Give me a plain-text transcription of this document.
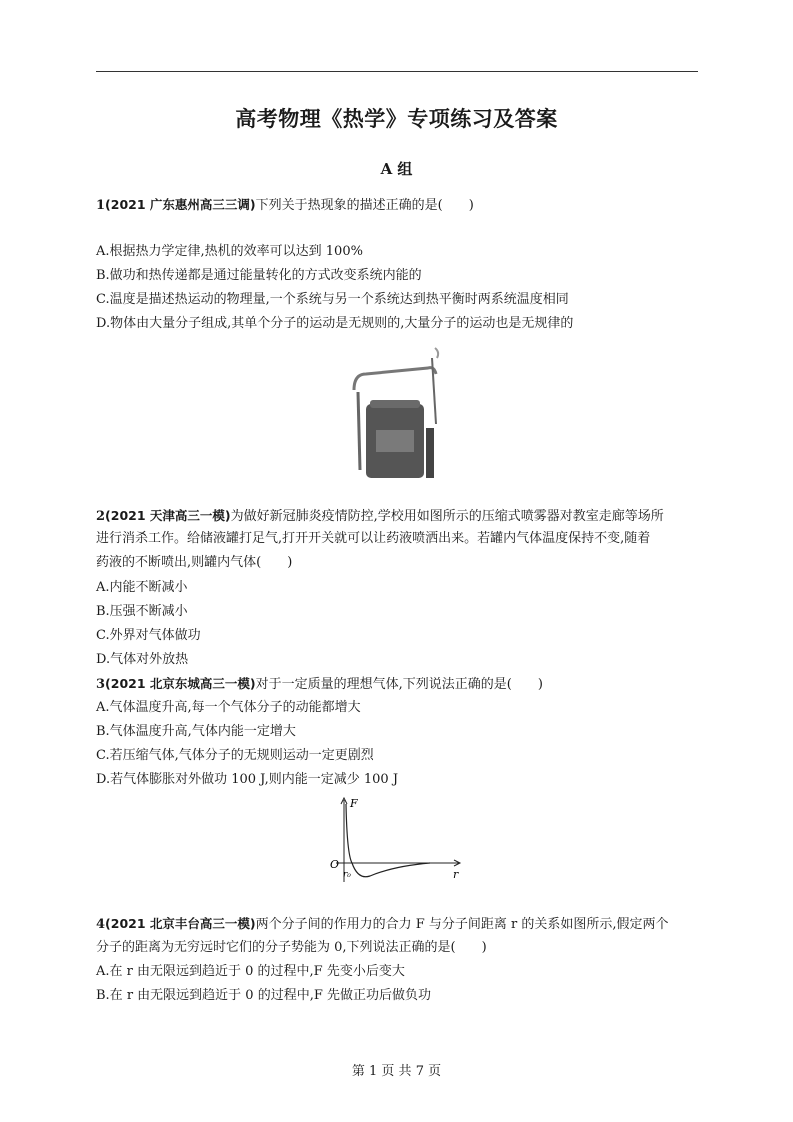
高考物理《热学》专项练习及答案
A 组
1(2021 广东惠州高三三调)下列关于热现象的描述正确的是(　　)
A.根据热力学定律,热机的效率可以达到 100%
B.做功和热传递都是通过能量转化的方式改变系统内能的
C.温度是描述热运动的物理量,一个系统与另一个系统达到热平衡时两系统温度相同
D.物体由大量分子组成,其单个分子的运动是无规则的,大量分子的运动也是无规律的
2(2021 天津高三一模)为做好新冠肺炎疫情防控,学校用如图所示的压缩式喷雾器对教室走廊等场所
进行消杀工作。给储液罐打足气,打开开关就可以让药液喷洒出来。若罐内气体温度保持不变,随着
药液的不断喷出,则罐内气体(　　)
A.内能不断减小
B.压强不断减小
C.外界对气体做功
D.气体对外放热
3(2021 北京东城高三一模)对于一定质量的理想气体,下列说法正确的是(　　)
A.气体温度升高,每一个气体分子的动能都增大
B.气体温度升高,气体内能一定增大
C.若压缩气体,气体分子的无规则运动一定更剧烈
D.若气体膨胀对外做功 100 J,则内能一定减少 100 J
F
r
O
r₀
4(2021 北京丰台高三一模)两个分子间的作用力的合力 F 与分子间距离 r 的关系如图所示,假定两个
分子的距离为无穷远时它们的分子势能为 0,下列说法正确的是(　　)
A.在 r 由无限远到趋近于 0 的过程中,F 先变小后变大
B.在 r 由无限远到趋近于 0 的过程中,F 先做正功后做负功
第 1 页 共 7 页
